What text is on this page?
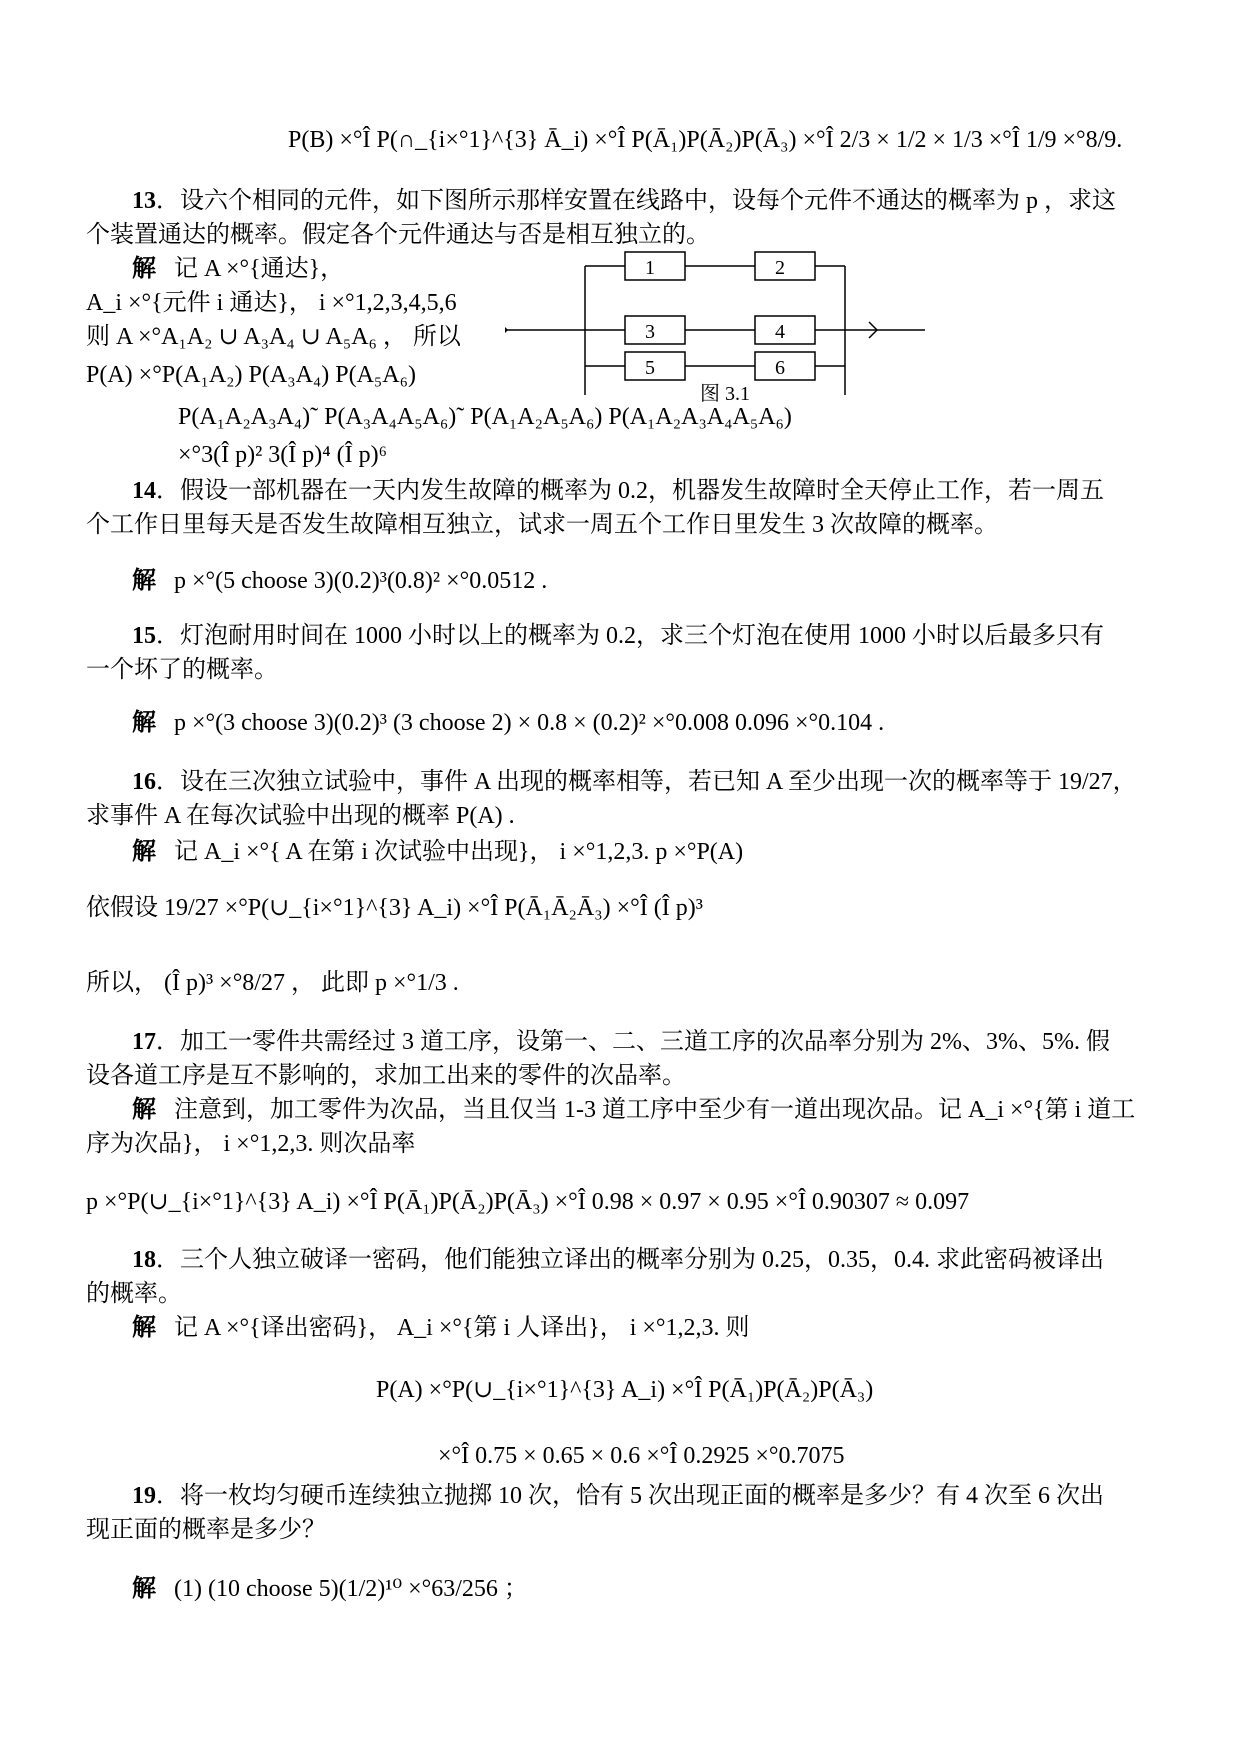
P(B) ×°Î P(∩_{i×°1}^{3} Ā_i) ×°Î P(Ā₁)P(Ā₂)P(Ā₃) ×°Î 2/3 × 1/2 × 1/3 ×°Î 1/9 ×°8/9.

13．设六个相同的元件，如下图所示那样安置在线路中，设每个元件不通达的概率为 p ，求这

个装置通达的概率。假定各个元件通达与否是相互独立的。

解 记 A ×°{通达}，

A_i ×°{元件 i 通达}， i ×°1,2,3,4,5,6

则 A ×°A₁A₂ ∪ A₃A₄ ∪ A₅A₆ ， 所以

P(A) ×°P(A₁A₂) P(A₃A₄) P(A₅A₆)

P(A₁A₂A₃A₄)˜ P(A₃A₄A₅A₆)˜ P(A₁A₂A₅A₆) P(A₁A₂A₃A₄A₅A₆)

×°3(Î p)² 3(Î p)⁴ (Î p)⁶

1	2
3	4
5	6
图 3.1

14．假设一部机器在一天内发生故障的概率为 0.2，机器发生故障时全天停止工作，若一周五

个工作日里每天是否发生故障相互独立，试求一周五个工作日里发生 3 次故障的概率。

解 p ×°(5 choose 3)(0.2)³(0.8)² ×°0.0512 .

15．灯泡耐用时间在 1000 小时以上的概率为 0.2，求三个灯泡在使用 1000 小时以后最多只有

一个坏了的概率。

解 p ×°(3 choose 3)(0.2)³ (3 choose 2) × 0.8 × (0.2)² ×°0.008 0.096 ×°0.104 .

16．设在三次独立试验中，事件 A 出现的概率相等，若已知 A 至少出现一次的概率等于 19/27，

求事件 A 在每次试验中出现的概率 P(A) .

解 记 A_i ×°{ A 在第 i 次试验中出现}， i ×°1,2,3. p ×°P(A)

依假设 19/27 ×°P(∪_{i×°1}^{3} A_i) ×°Î P(Ā₁Ā₂Ā₃) ×°Î (Î p)³

所以， (Î p)³ ×°8/27 ， 此即 p ×°1/3 .

17．加工一零件共需经过 3 道工序，设第一、二、三道工序的次品率分别为 2%、3%、5%. 假

设各道工序是互不影响的，求加工出来的零件的次品率。

解 注意到，加工零件为次品，当且仅当 1-3 道工序中至少有一道出现次品。记 A_i ×°{第 i 道工

序为次品}， i ×°1,2,3. 则次品率

p ×°P(∪_{i×°1}^{3} A_i) ×°Î P(Ā₁)P(Ā₂)P(Ā₃) ×°Î 0.98 × 0.97 × 0.95 ×°Î 0.90307 ≈ 0.097

18．三个人独立破译一密码，他们能独立译出的概率分别为 0.25，0.35，0.4. 求此密码被译出

的概率。

解 记 A ×°{译出密码}， A_i ×°{第 i 人译出}， i ×°1,2,3. 则

P(A) ×°P(∪_{i×°1}^{3} A_i) ×°Î P(Ā₁)P(Ā₂)P(Ā₃)

×°Î 0.75 × 0.65 × 0.6 ×°Î 0.2925 ×°0.7075

19．将一枚均匀硬币连续独立抛掷 10 次，恰有 5 次出现正面的概率是多少？有 4 次至 6 次出

现正面的概率是多少？

解 (1) (10 choose 5)(1/2)¹⁰ ×°63/256 ；
